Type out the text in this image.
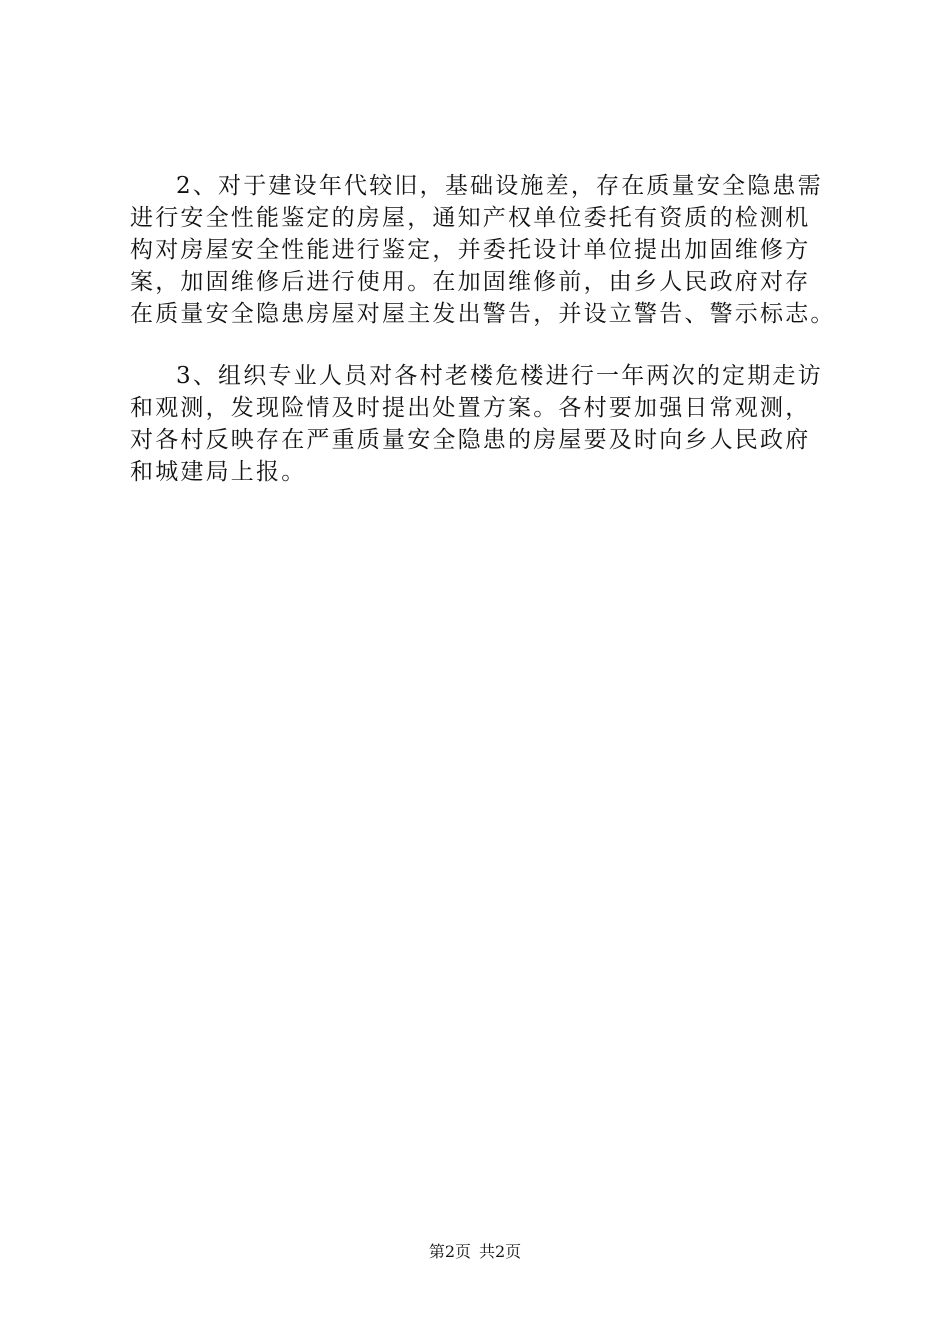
2、对于建设年代较旧，基础设施差，存在质量安全隐患需
进行安全性能鉴定的房屋，通知产权单位委托有资质的检测机
构对房屋安全性能进行鉴定，并委托设计单位提出加固维修方
案，加固维修后进行使用。在加固维修前，由乡人民政府对存
在质量安全隐患房屋对屋主发出警告，并设立警告、警示标志。
3、组织专业人员对各村老楼危楼进行一年两次的定期走访
和观测，发现险情及时提出处置方案。各村要加强日常观测，
对各村反映存在严重质量安全隐患的房屋要及时向乡人民政府
和城建局上报。
第2页 共2页
